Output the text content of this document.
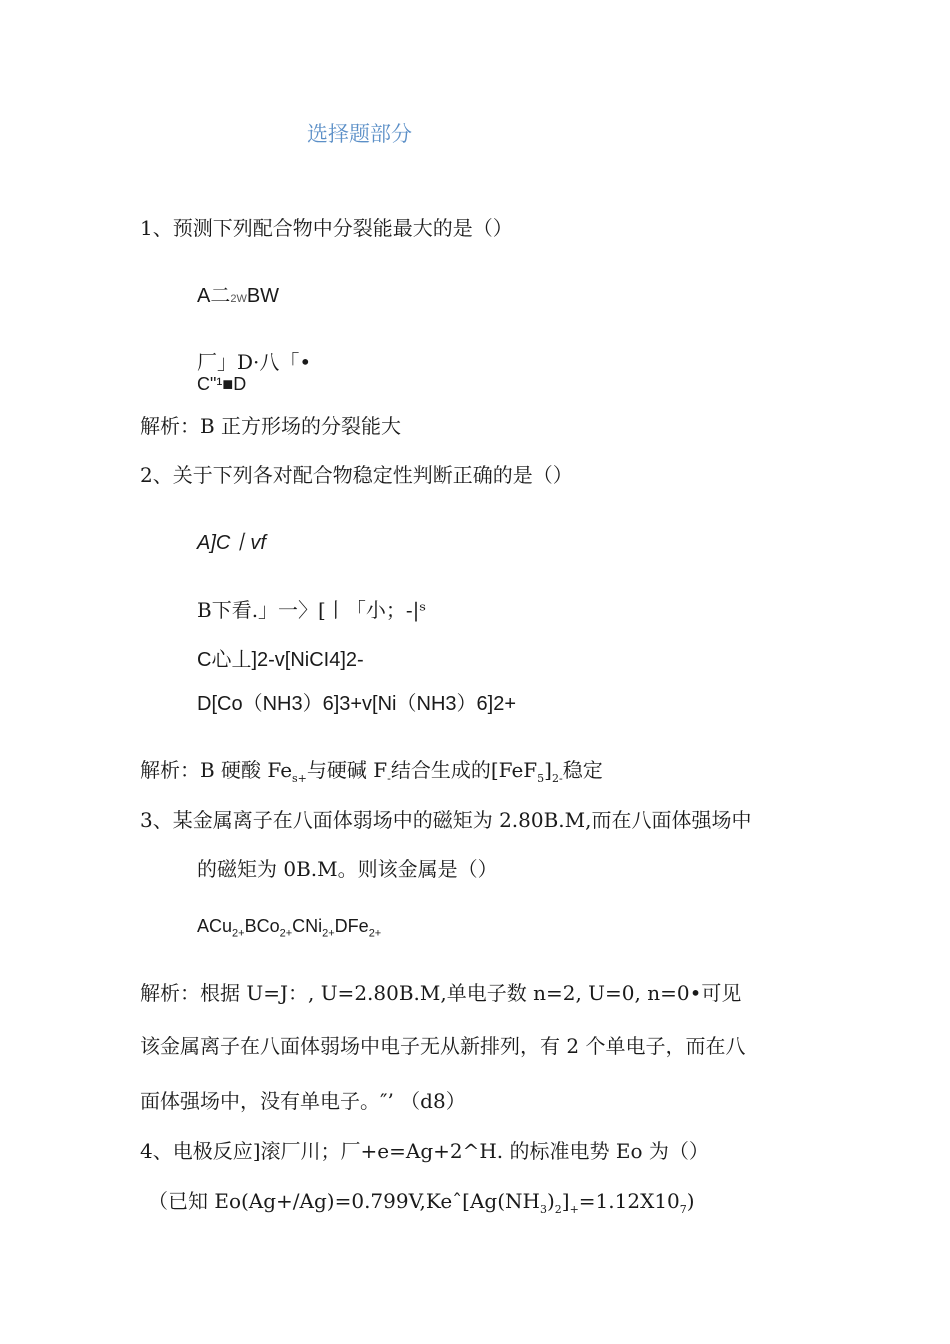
选择题部分
1、预测下列配合物中分裂能最大的是（）
A二2WBW
厂」D·八「•
C"¹■D
解析：B 正方形场的分裂能大
2、关于下列各对配合物稳定性判断正确的是（）
A]C丨vf
B下看.」一〉[丨「小；-|ˢ
C心丄]2-v[NiCI4]2-
D[Co（NH3）6]3+v[Ni（NH3）6]2+
解析：B 硬酸 $Fe_{s+}$与硬碱 $F_-$结合生成的$[FeF_5]_{2-}$稳定
3、某金属离子在八面体弱场中的磁矩为 2.80B.M,而在八面体强场中
的磁矩为 0B.M。则该金属是（）
ACu$_{2+}$BCo$_{2+}$CNi$_{2+}$DFe$_{2+}$
解析：根据 U=J：, U=2.80B.M,单电子数 n=2, U=0, n=0•可见
该金属离子在八面体弱场中电子无从新排列，有 2 个单电子，而在八
面体强场中，没有单电子。″’ （d8）
4、电极反应]滚厂川；厂+e=Ag+2^H. 的标准电势 Eo 为（）
（已知 $Eo(Ag+/Ag)=0.799V,Keˆ[Ag(NH_3)_2]_+=1.12X10_7$)
